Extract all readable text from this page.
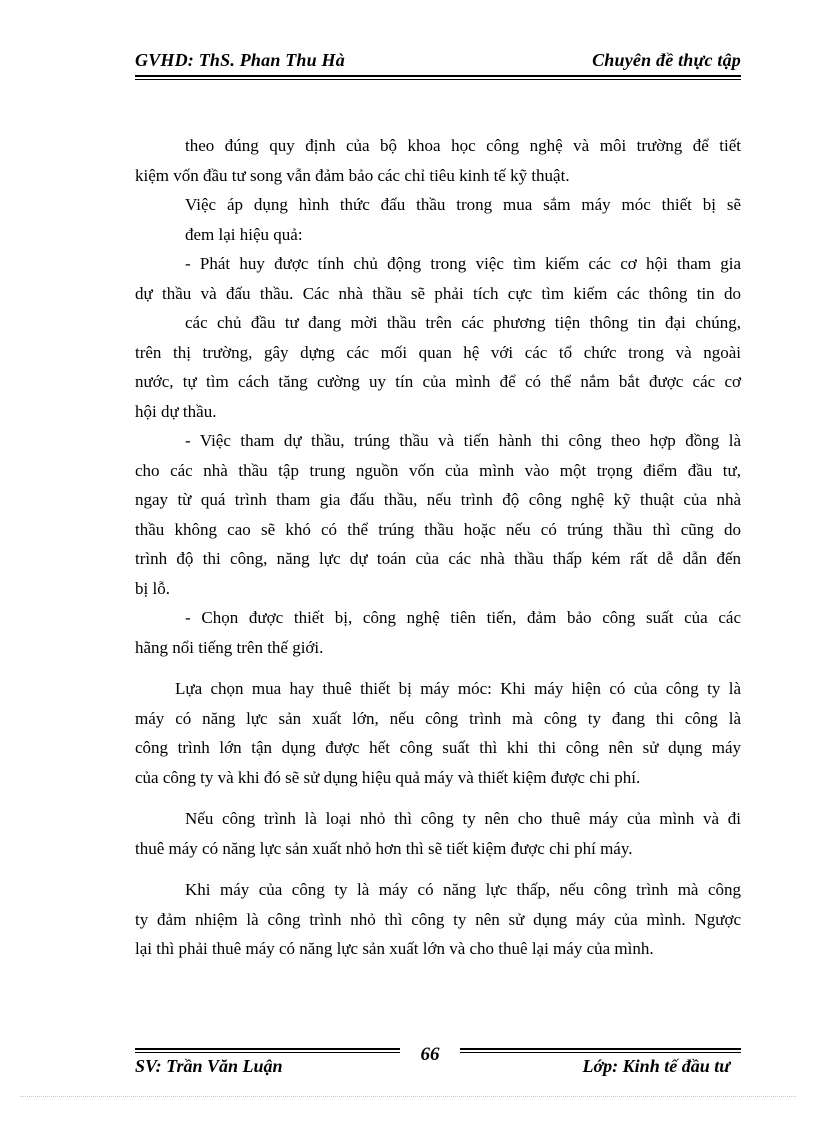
GVHD: ThS. Phan Thu Hà	Chuyên đề thực tập
theo đúng quy định của bộ khoa học công nghệ và môi trường để tiết
kiệm vốn đầu tư song vẫn đảm bảo các chỉ tiêu kinh tế kỹ thuật.
Việc áp dụng hình thức đấu thầu trong mua sắm máy móc thiết bị sẽ
đem lại hiệu quả:
- Phát huy được tính chủ động trong việc tìm kiếm các cơ hội tham gia
dự thầu và đấu thầu. Các nhà thầu sẽ phải tích cực tìm kiếm các thông tin do
các chủ đầu tư đang mời thầu trên các phương tiện thông tin đại chúng,
trên thị trường, gây dựng các mối quan hệ với các tổ chức trong và ngoài
nước, tự tìm cách tăng cường uy tín của mình để có thể nắm bắt được các cơ
hội dự thầu.
- Việc tham dự thầu, trúng thầu và tiến hành thi công theo hợp đồng là
cho các nhà thầu tập trung nguồn vốn của mình vào một trọng điểm đầu tư,
ngay từ quá trình tham gia đấu thầu, nếu trình độ công nghệ kỹ thuật của nhà
thầu không cao sẽ khó có thể trúng thầu hoặc nếu có trúng thầu thì cũng do
trình độ thi công, năng lực dự toán của các nhà thầu thấp kém rất dễ dẫn đến
bị lỗ.
- Chọn được thiết bị, công nghệ tiên tiến, đảm bảo công suất của các
hãng nổi tiếng trên thế giới.
Lựa chọn mua hay thuê thiết bị máy móc: Khi máy hiện có của công ty là
máy có năng lực sản xuất lớn, nếu công trình mà công ty đang thi công là
công trình lớn tận dụng được hết công suất thì khi thi công nên sử dụng máy
của công ty và khi đó sẽ sử dụng hiệu quả máy và thiết kiệm được chi phí.
Nếu công trình là loại nhỏ thì công ty nên cho thuê máy của mình và đi
thuê máy có năng lực sản xuất nhỏ hơn thì sẽ tiết kiệm được chi phí máy.
Khi máy của công ty là máy có năng lực thấp, nếu công trình mà công
ty đảm nhiệm là công trình nhỏ thì công ty nên sử dụng máy của mình. Ngược
lại thì phải thuê máy có năng lực sản xuất lớn và cho thuê lại máy của mình.
66
SV: Trần Văn Luận	Lớp: Kinh tế đầu tư
